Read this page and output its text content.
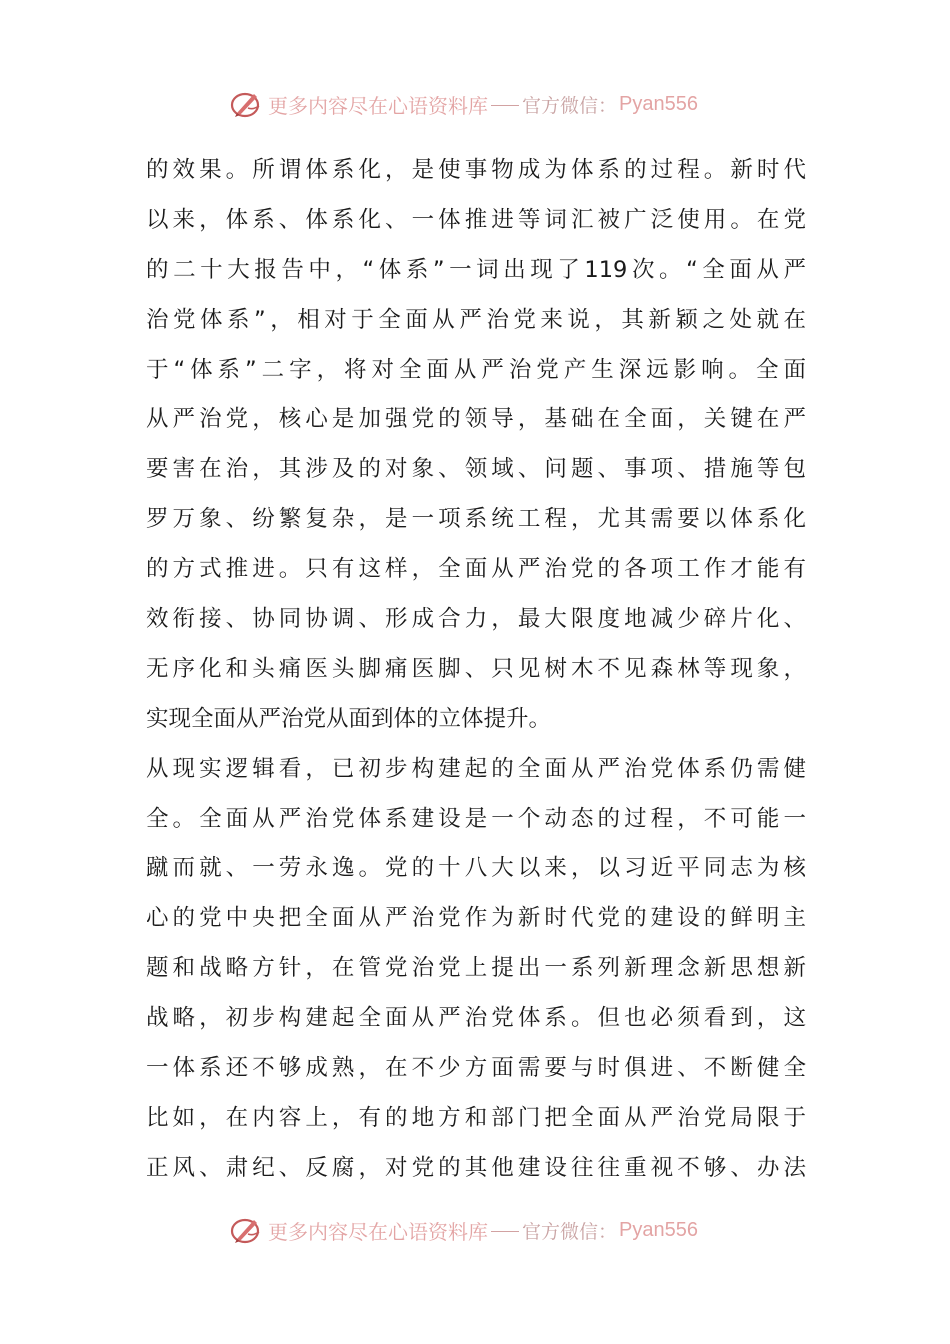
更多内容尽在心语资料库 官方微信： Pyan556
的效果。所谓体系化，是使事物成为体系的过程。新时代
以来，体系、体系化、一体推进等词汇被广泛使用。在党
的二十大报告中，“体系”一词出现了119次。“全面从严
治党体系”，相对于全面从严治党来说，其新颖之处就在
于“体系”二字，将对全面从严治党产生深远影响。全面
从严治党，核心是加强党的领导，基础在全面，关键在严
要害在治，其涉及的对象、领域、问题、事项、措施等包
罗万象、纷繁复杂，是一项系统工程，尤其需要以体系化
的方式推进。只有这样，全面从严治党的各项工作才能有
效衔接、协同协调、形成合力，最大限度地减少碎片化、
无序化和头痛医头脚痛医脚、只见树木不见森林等现象，
实现全面从严治党从面到体的立体提升。
从现实逻辑看，已初步构建起的全面从严治党体系仍需健
全。全面从严治党体系建设是一个动态的过程，不可能一
蹴而就、一劳永逸。党的十八大以来，以习近平同志为核
心的党中央把全面从严治党作为新时代党的建设的鲜明主
题和战略方针，在管党治党上提出一系列新理念新思想新
战略，初步构建起全面从严治党体系。但也必须看到，这
一体系还不够成熟，在不少方面需要与时俱进、不断健全
比如，在内容上，有的地方和部门把全面从严治党局限于
正风、肃纪、反腐，对党的其他建设往往重视不够、办法
更多内容尽在心语资料库 官方微信： Pyan556
